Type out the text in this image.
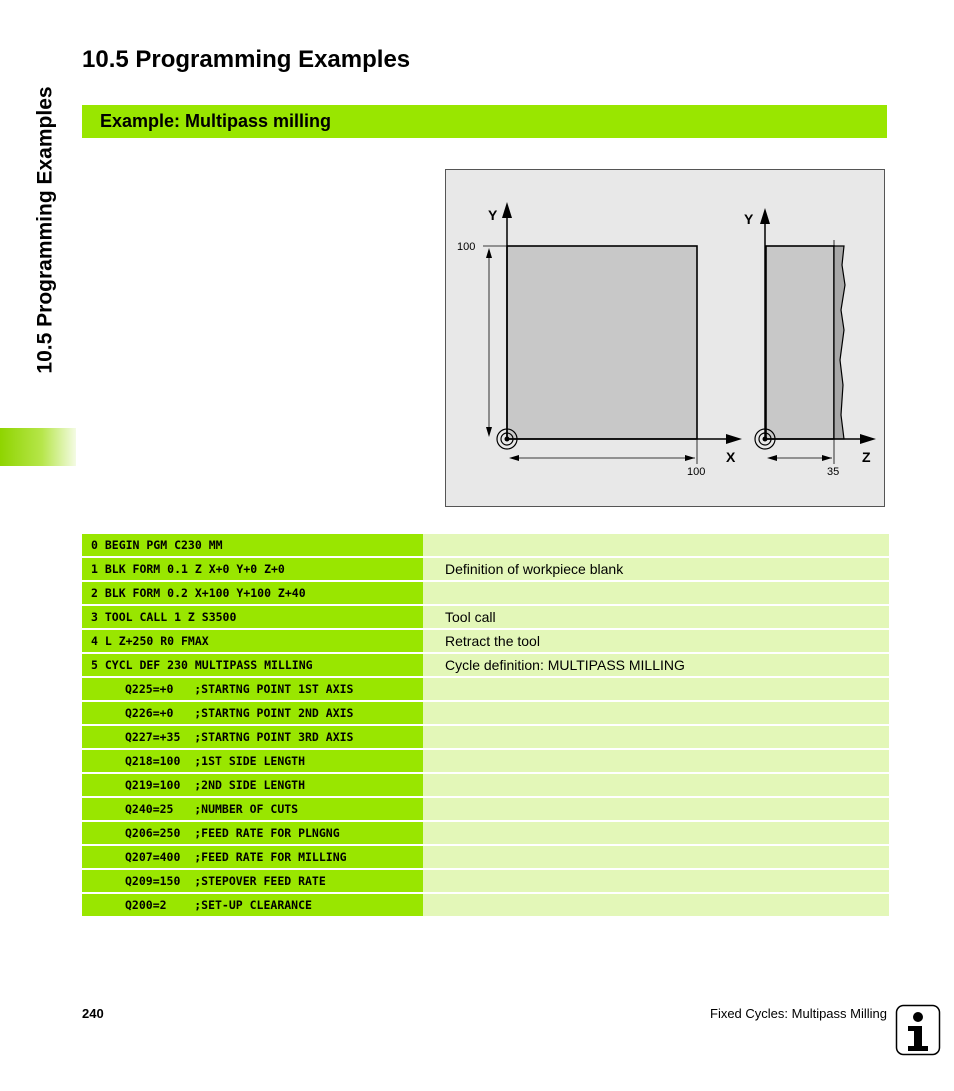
10.5 Programming Examples
10.5 Programming Examples
Example: Multipass milling
Y
X
100
100
Y
Z
35
0 BEGIN PGM C230 MM
1 BLK FORM 0.1 Z X+0 Y+0 Z+0	Definition of workpiece blank
2 BLK FORM 0.2 X+100 Y+100 Z+40
3 TOOL CALL 1 Z S3500	Tool call
4 L Z+250 R0 FMAX	Retract the tool
5 CYCL DEF 230 MULTIPASS MILLING	Cycle definition: MULTIPASS MILLING
Q225=+0   ;STARTNG POINT 1ST AXIS
Q226=+0   ;STARTNG POINT 2ND AXIS
Q227=+35  ;STARTNG POINT 3RD AXIS
Q218=100  ;1ST SIDE LENGTH
Q219=100  ;2ND SIDE LENGTH
Q240=25   ;NUMBER OF CUTS
Q206=250  ;FEED RATE FOR PLNGNG
Q207=400  ;FEED RATE FOR MILLING
Q209=150  ;STEPOVER FEED RATE
Q200=2    ;SET-UP CLEARANCE
240	Fixed Cycles: Multipass Milling
